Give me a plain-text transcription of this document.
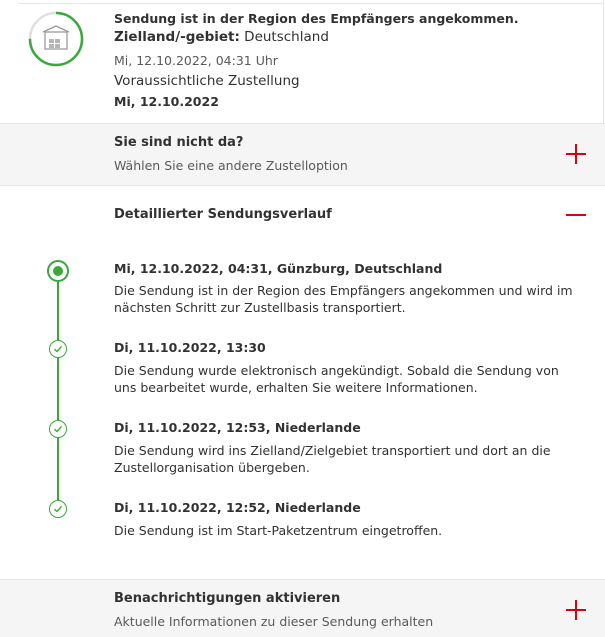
Sendung ist in der Region des Empfängers angekommen.
Zielland/-gebiet: Deutschland
Mi, 12.10.2022, 04:31 Uhr
Voraussichtliche Zustellung
Mi, 12.10.2022
Sie sind nicht da?
Wählen Sie eine andere Zustelloption
Detaillierter Sendungsverlauf
Mi, 12.10.2022, 04:31, Günzburg, Deutschland
Die Sendung ist in der Region des Empfängers angekommen und wird im nächsten Schritt zur Zustellbasis transportiert.
Di, 11.10.2022, 13:30
Die Sendung wurde elektronisch angekündigt. Sobald die Sendung von uns bearbeitet wurde, erhalten Sie weitere Informationen.
Di, 11.10.2022, 12:53, Niederlande
Die Sendung wird ins Zielland/Zielgebiet transportiert und dort an die Zustellorganisation übergeben.
Di, 11.10.2022, 12:52, Niederlande
Die Sendung ist im Start-Paketzentrum eingetroffen.
Benachrichtigungen aktivieren
Aktuelle Informationen zu dieser Sendung erhalten
